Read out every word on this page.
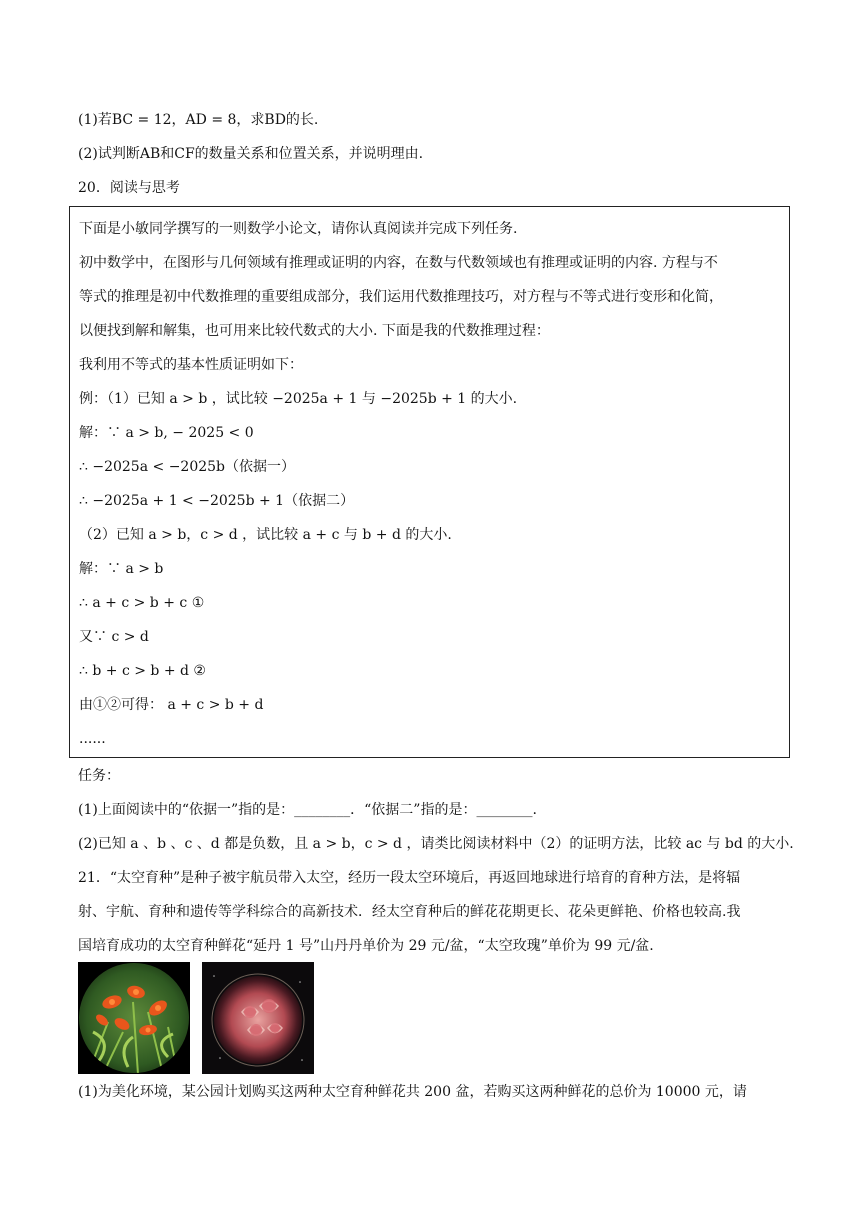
(1)若BC = 12，AD = 8，求BD的长.
(2)试判断AB和CF的数量关系和位置关系，并说明理由.
20．阅读与思考
下面是小敏同学撰写的一则数学小论文，请你认真阅读并完成下列任务.
初中数学中，在图形与几何领域有推理或证明的内容，在数与代数领域也有推理或证明的内容. 方程与不
等式的推理是初中代数推理的重要组成部分，我们运用代数推理技巧，对方程与不等式进行变形和化简，
以便找到解和解集，也可用来比较代数式的大小. 下面是我的代数推理过程：
我利用不等式的基本性质证明如下：
例：（1）已知 a > b ，试比较 −2025a + 1 与 −2025b + 1 的大小.
解：∵ a > b, − 2025 < 0
∴ −2025a < −2025b（依据一）
∴ −2025a + 1 < −2025b + 1（依据二）
（2）已知 a > b，c > d ，试比较 a + c 与 b + d 的大小.
解：∵ a > b
∴ a + c > b + c ①
又∵ c > d
∴ b + c > b + d ②
由①②可得： a + c > b + d
......
任务：
(1)上面阅读中的“依据一”指的是：________．“依据二”指的是：________.
(2)已知 a 、b 、c 、d 都是负数，且 a > b，c > d ，请类比阅读材料中（2）的证明方法，比较 ac 与 bd 的大小.
21．“太空育种”是种子被宇航员带入太空，经历一段太空环境后，再返回地球进行培育的育种方法，是将辐
射、宇航、育种和遗传等学科综合的高新技术．经太空育种后的鲜花花期更长、花朵更鲜艳、价格也较高.我
国培育成功的太空育种鲜花“延丹 1 号”山丹丹单价为 29 元/盆，“太空玫瑰”单价为 99 元/盆.
(1)为美化环境，某公园计划购买这两种太空育种鲜花共 200 盆，若购买这两种鲜花的总价为 10000 元，请
